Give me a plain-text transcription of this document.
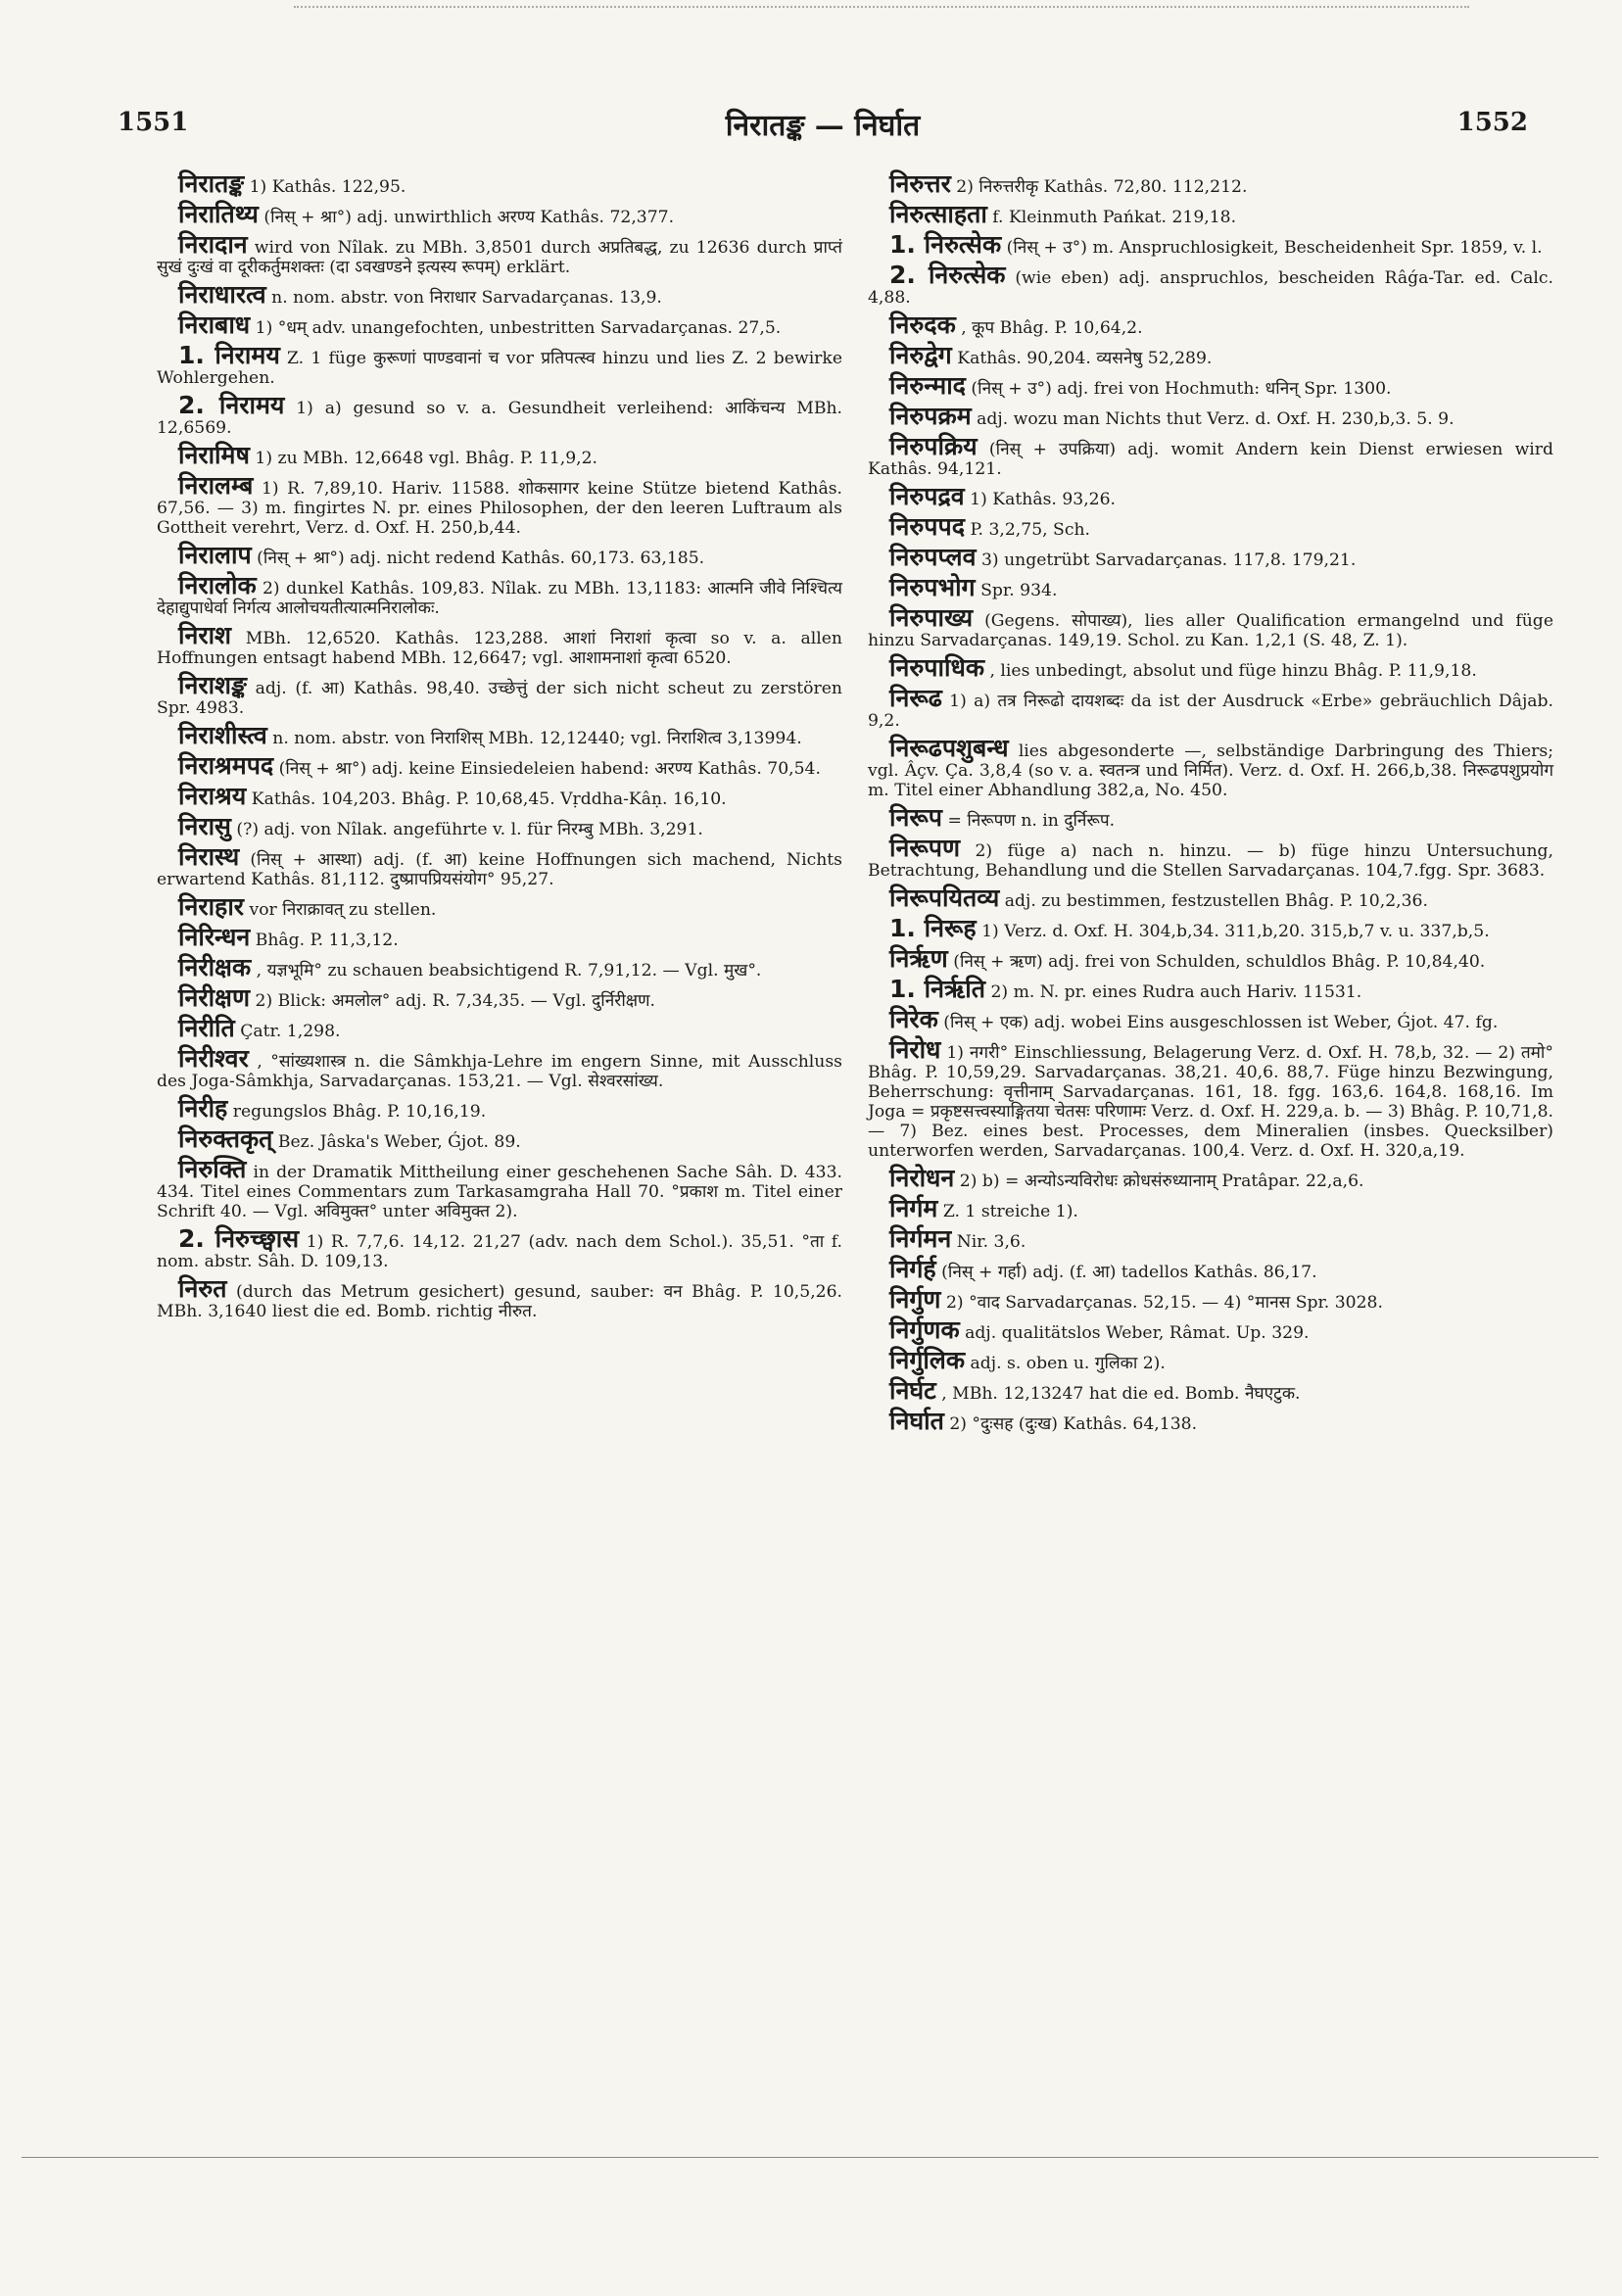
1551	निरातङ्क — निर्घात	1552

निरातङ्क 1) Kathâs. 122,95.

निरातिथ्य (निस् + श्रा°) adj. unwirthlich अरण्य Kathâs. 72,377.

निरादान wird von Nîlak. zu MBh. 3,8501 durch अप्रतिबद्ध, zu 12636 durch प्राप्तं सुखं दुःखं वा दूरीकर्तुमशक्तः (दा ऽवखण्डने इत्यस्य रूपम्) erklärt.

निराधारत्व n. nom. abstr. von निराधार Sarvadarçanas. 13,9.

निराबाध 1) °धम् adv. unangefochten, unbestritten Sarvadarçanas. 27,5.

1. निरामय Z. 1 füge कुरूणां पाण्डवानां च vor प्रतिपत्स्व hinzu und lies Z. 2 bewirke Wohlergehen.

2. निरामय 1) a) gesund so v. a. Gesundheit verleihend: आकिंचन्य MBh. 12,6569.

निरामिष 1) zu MBh. 12,6648 vgl. Bhâg. P. 11,9,2.

निरालम्ब 1) R. 7,89,10. Hariv. 11588. शोकसागर keine Stütze bietend Kathâs. 67,56. — 3) m. fingirtes N. pr. eines Philosophen, der den leeren Luftraum als Gottheit verehrt, Verz. d. Oxf. H. 250,b,44.

निरालाप (निस् + श्रा°) adj. nicht redend Kathâs. 60,173. 63,185.

निरालोक 2) dunkel Kathâs. 109,83. Nîlak. zu MBh. 13,1183: आत्मनि जीवे निश्चित्य देहाद्युपाधेर्वा निर्गत्य आलोचयतीत्यात्मनिरालोकः.

निराश MBh. 12,6520. Kathâs. 123,288. आशां निराशां कृत्वा so v. a. allen Hoffnungen entsagt habend MBh. 12,6647; vgl. आशामनाशां कृत्वा 6520.

निराशङ्क adj. (f. आ) Kathâs. 98,40. उच्छेत्तुं der sich nicht scheut zu zerstören Spr. 4983.

निराशीस्त्व n. nom. abstr. von निराशिस् MBh. 12,12440; vgl. निराशित्व 3,13994.

निराश्रमपद (निस् + श्रा°) adj. keine Einsiedeleien habend: अरण्य Kathâs. 70,54.

निराश्रय Kathâs. 104,203. Bhâg. P. 10,68,45. Vṛddha-Kâṇ. 16,10.

निरासु (?) adj. von Nîlak. angeführte v. l. für निरम्बु MBh. 3,291.

निरास्थ (निस् + आस्था) adj. (f. आ) keine Hoffnungen sich machend, Nichts erwartend Kathâs. 81,112. दुष्प्रापप्रियसंयोग° 95,27.

निराहार vor निराक्रावत् zu stellen.

निरिन्धन Bhâg. P. 11,3,12.

निरीक्षक , यज्ञभूमि° zu schauen beabsichtigend R. 7,91,12. — Vgl. मुख°.

निरीक्षण 2) Blick: अमलोल° adj. R. 7,34,35. — Vgl. दुर्निरीक्षण.

निरीति Çatr. 1,298.

निरीश्वर , °सांख्यशास्त्र n. die Sâmkhja-Lehre im engern Sinne, mit Ausschluss des Joga-Sâmkhja, Sarvadarçanas. 153,21. — Vgl. सेश्वरसांख्य.

निरीह regungslos Bhâg. P. 10,16,19.

निरुक्तकृत् Bez. Jâska's Weber, Ǵjot. 89.

निरुक्ति in der Dramatik Mittheilung einer geschehenen Sache Sâh. D. 433. 434. Titel eines Commentars zum Tarkasamgraha Hall 70. °प्रकाश m. Titel einer Schrift 40. — Vgl. अविमुक्त° unter अविमुक्त 2).

2. निरुच्छ्वास 1) R. 7,7,6. 14,12. 21,27 (adv. nach dem Schol.). 35,51. °ता f. nom. abstr. Sâh. D. 109,13.

निरुत (durch das Metrum gesichert) gesund, sauber: वन Bhâg. P. 10,5,26. MBh. 3,1640 liest die ed. Bomb. richtig नीरुत.

निरुत्तर 2) निरुत्तरीकृ Kathâs. 72,80. 112,212.

निरुत्साहता f. Kleinmuth Pańkat. 219,18.

1. निरुत्सेक (निस् + उ°) m. Anspruchlosigkeit, Bescheidenheit Spr. 1859, v. l.

2. निरुत्सेक (wie eben) adj. anspruchlos, bescheiden Râǵa-Tar. ed. Calc. 4,88.

निरुदक , कूप Bhâg. P. 10,64,2.

निरुद्वेग Kathâs. 90,204. व्यसनेषु 52,289.

निरुन्माद (निस् + उ°) adj. frei von Hochmuth: धनिन् Spr. 1300.

निरुपक्रम adj. wozu man Nichts thut Verz. d. Oxf. H. 230,b,3. 5. 9.

निरुपक्रिय (निस् + उपक्रिया) adj. womit Andern kein Dienst erwiesen wird Kathâs. 94,121.

निरुपद्रव 1) Kathâs. 93,26.

निरुपपद P. 3,2,75, Sch.

निरुपप्लव 3) ungetrübt Sarvadarçanas. 117,8. 179,21.

निरुपभोग Spr. 934.

निरुपाख्य (Gegens. सोपाख्य), lies aller Qualification ermangelnd und füge hinzu Sarvadarçanas. 149,19. Schol. zu Kan. 1,2,1 (S. 48, Z. 1).

निरुपाधिक , lies unbedingt, absolut und füge hinzu Bhâg. P. 11,9,18.

निरूढ 1) a) तत्र निरूढो दायशब्दः da ist der Ausdruck «Erbe» gebräuchlich Dâjab. 9,2.

निरूढपशुबन्ध lies abgesonderte —, selbständige Darbringung des Thiers; vgl. Âçv. Ça. 3,8,4 (so v. a. स्वतन्त्र und निर्मित). Verz. d. Oxf. H. 266,b,38. निरूढपशुप्रयोग m. Titel einer Abhandlung 382,a, No. 450.

निरूप = निरूपण n. in दुर्निरूप.

निरूपण 2) füge a) nach n. hinzu. — b) füge hinzu Untersuchung, Betrachtung, Behandlung und die Stellen Sarvadarçanas. 104,7.fgg. Spr. 3683.

निरूपयितव्य adj. zu bestimmen, festzustellen Bhâg. P. 10,2,36.

1. निरूह 1) Verz. d. Oxf. H. 304,b,34. 311,b,20. 315,b,7 v. u. 337,b,5.

निर्ऋण (निस् + ऋण) adj. frei von Schulden, schuldlos Bhâg. P. 10,84,40.

1. निर्ऋति 2) m. N. pr. eines Rudra auch Hariv. 11531.

निरेक (निस् + एक) adj. wobei Eins ausgeschlossen ist Weber, Ǵjot. 47. fg.

निरोध 1) नगरी° Einschliessung, Belagerung Verz. d. Oxf. H. 78,b, 32. — 2) तमो° Bhâg. P. 10,59,29. Sarvadarçanas. 38,21. 40,6. 88,7. Füge hinzu Bezwingung, Beherrschung: वृत्तीनाम् Sarvadarçanas. 161, 18. fgg. 163,6. 164,8. 168,16. Im Joga = प्रकृष्टसत्त्वस्याङ्गितया चेतसः परिणामः Verz. d. Oxf. H. 229,a. b. — 3) Bhâg. P. 10,71,8. — 7) Bez. eines best. Processes, dem Mineralien (insbes. Quecksilber) unterworfen werden, Sarvadarçanas. 100,4. Verz. d. Oxf. H. 320,a,19.

निरोधन 2) b) = अन्योऽन्यविरोधः क्रोधसंरुध्यानाम् Pratâpar. 22,a,6.

निर्गम Z. 1 streiche 1).

निर्गमन Nir. 3,6.

निर्गर्ह (निस् + गर्हा) adj. (f. आ) tadellos Kathâs. 86,17.

निर्गुण 2) °वाद Sarvadarçanas. 52,15. — 4) °मानस Spr. 3028.

निर्गुणक adj. qualitätslos Weber, Râmat. Up. 329.

निर्गुलिक adj. s. oben u. गुलिका 2).

निर्घट , MBh. 12,13247 hat die ed. Bomb. नैघएटुक.

निर्घात 2) °दुःसह (दुःख) Kathâs. 64,138.
